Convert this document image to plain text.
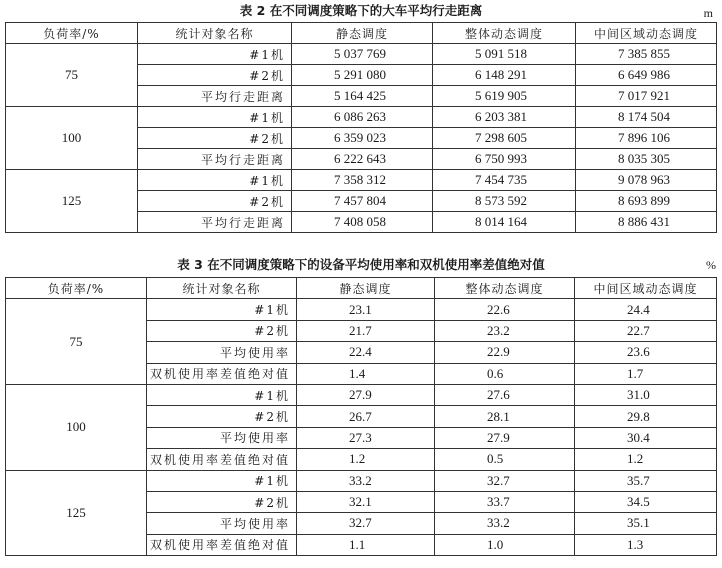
表 2 在不同调度策略下的大车平均行走距离	m
负荷率/%	统计对象名称	静态调度	整体动态调度	中间区域动态调度
75	#1机	5 037 769	5 091 518	7 385 855
	#2机	5 291 080	6 148 291	6 649 986
	平均行走距离	5 164 425	5 619 905	7 017 921
100	#1机	6 086 263	6 203 381	8 174 504
	#2机	6 359 023	7 298 605	7 896 106
	平均行走距离	6 222 643	6 750 993	8 035 305
125	#1机	7 358 312	7 454 735	9 078 963
	#2机	7 457 804	8 573 592	8 693 899
	平均行走距离	7 408 058	8 014 164	8 886 431
表 3 在不同调度策略下的设备平均使用率和双机使用率差值绝对值	%
负荷率/%	统计对象名称	静态调度	整体动态调度	中间区域动态调度
75	#1机	23.1	22.6	24.4
	#2机	21.7	23.2	22.7
	平均使用率	22.4	22.9	23.6
	双机使用率差值绝对值	1.4	0.6	1.7
100	#1机	27.9	27.6	31.0
	#2机	26.7	28.1	29.8
	平均使用率	27.3	27.9	30.4
	双机使用率差值绝对值	1.2	0.5	1.2
125	#1机	33.2	32.7	35.7
	#2机	32.1	33.7	34.5
	平均使用率	32.7	33.2	35.1
	双机使用率差值绝对值	1.1	1.0	1.3
